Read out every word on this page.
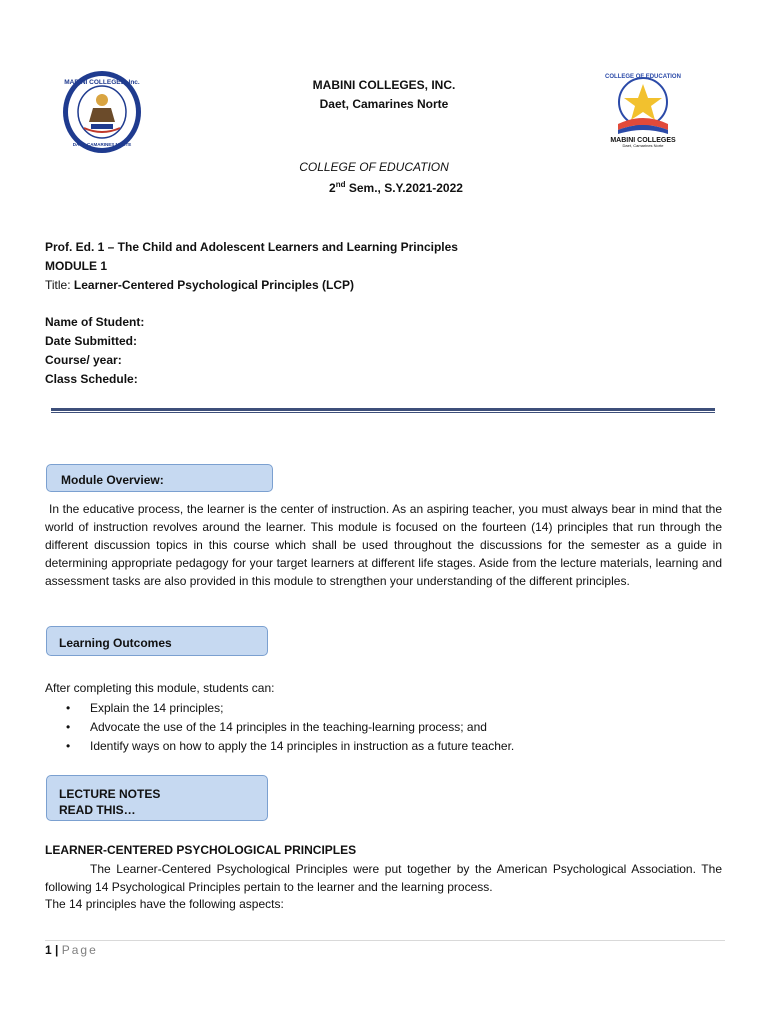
MABINI COLLEGES, Inc.
DAET, CAMARINES NORTE
COLLEGE OF EDUCATION
MABINI COLLEGES
Daet, Camarines Norte
MABINI COLLEGES, INC.
Daet, Camarines Norte
COLLEGE OF EDUCATION
2nd Sem., S.Y.2021-2022
Prof. Ed. 1 – The Child and Adolescent Learners and Learning Principles
MODULE 1
Title: Learner-Centered Psychological Principles (LCP)
Name of Student:
Date Submitted:
Course/ year:
Class Schedule:
Module Overview:
In the educative process, the learner is the center of instruction. As an aspiring teacher, you must always bear in mind that the world of instruction revolves around the learner. This module is focused on the fourteen (14) principles that run through the different discussion topics in this course which shall be used throughout the discussions for the semester as a guide in determining appropriate pedagogy for your target learners at different life stages. Aside from the lecture materials, learning and assessment tasks are also provided in this module to strengthen your understanding of the different principles.
Learning Outcomes
After completing this module, students can:
•	Explain the 14 principles;
•	Advocate the use of the 14 principles in the teaching-learning process; and
•	Identify ways on how to apply the 14 principles in instruction as a future teacher.
LECTURE NOTES
READ THIS…
LEARNER-CENTERED PSYCHOLOGICAL PRINCIPLES
The Learner-Centered Psychological Principles were put together by the American Psychological Association. The following 14 Psychological Principles pertain to the learner and the learning process.
The 14 principles have the following aspects:
1 | Page
